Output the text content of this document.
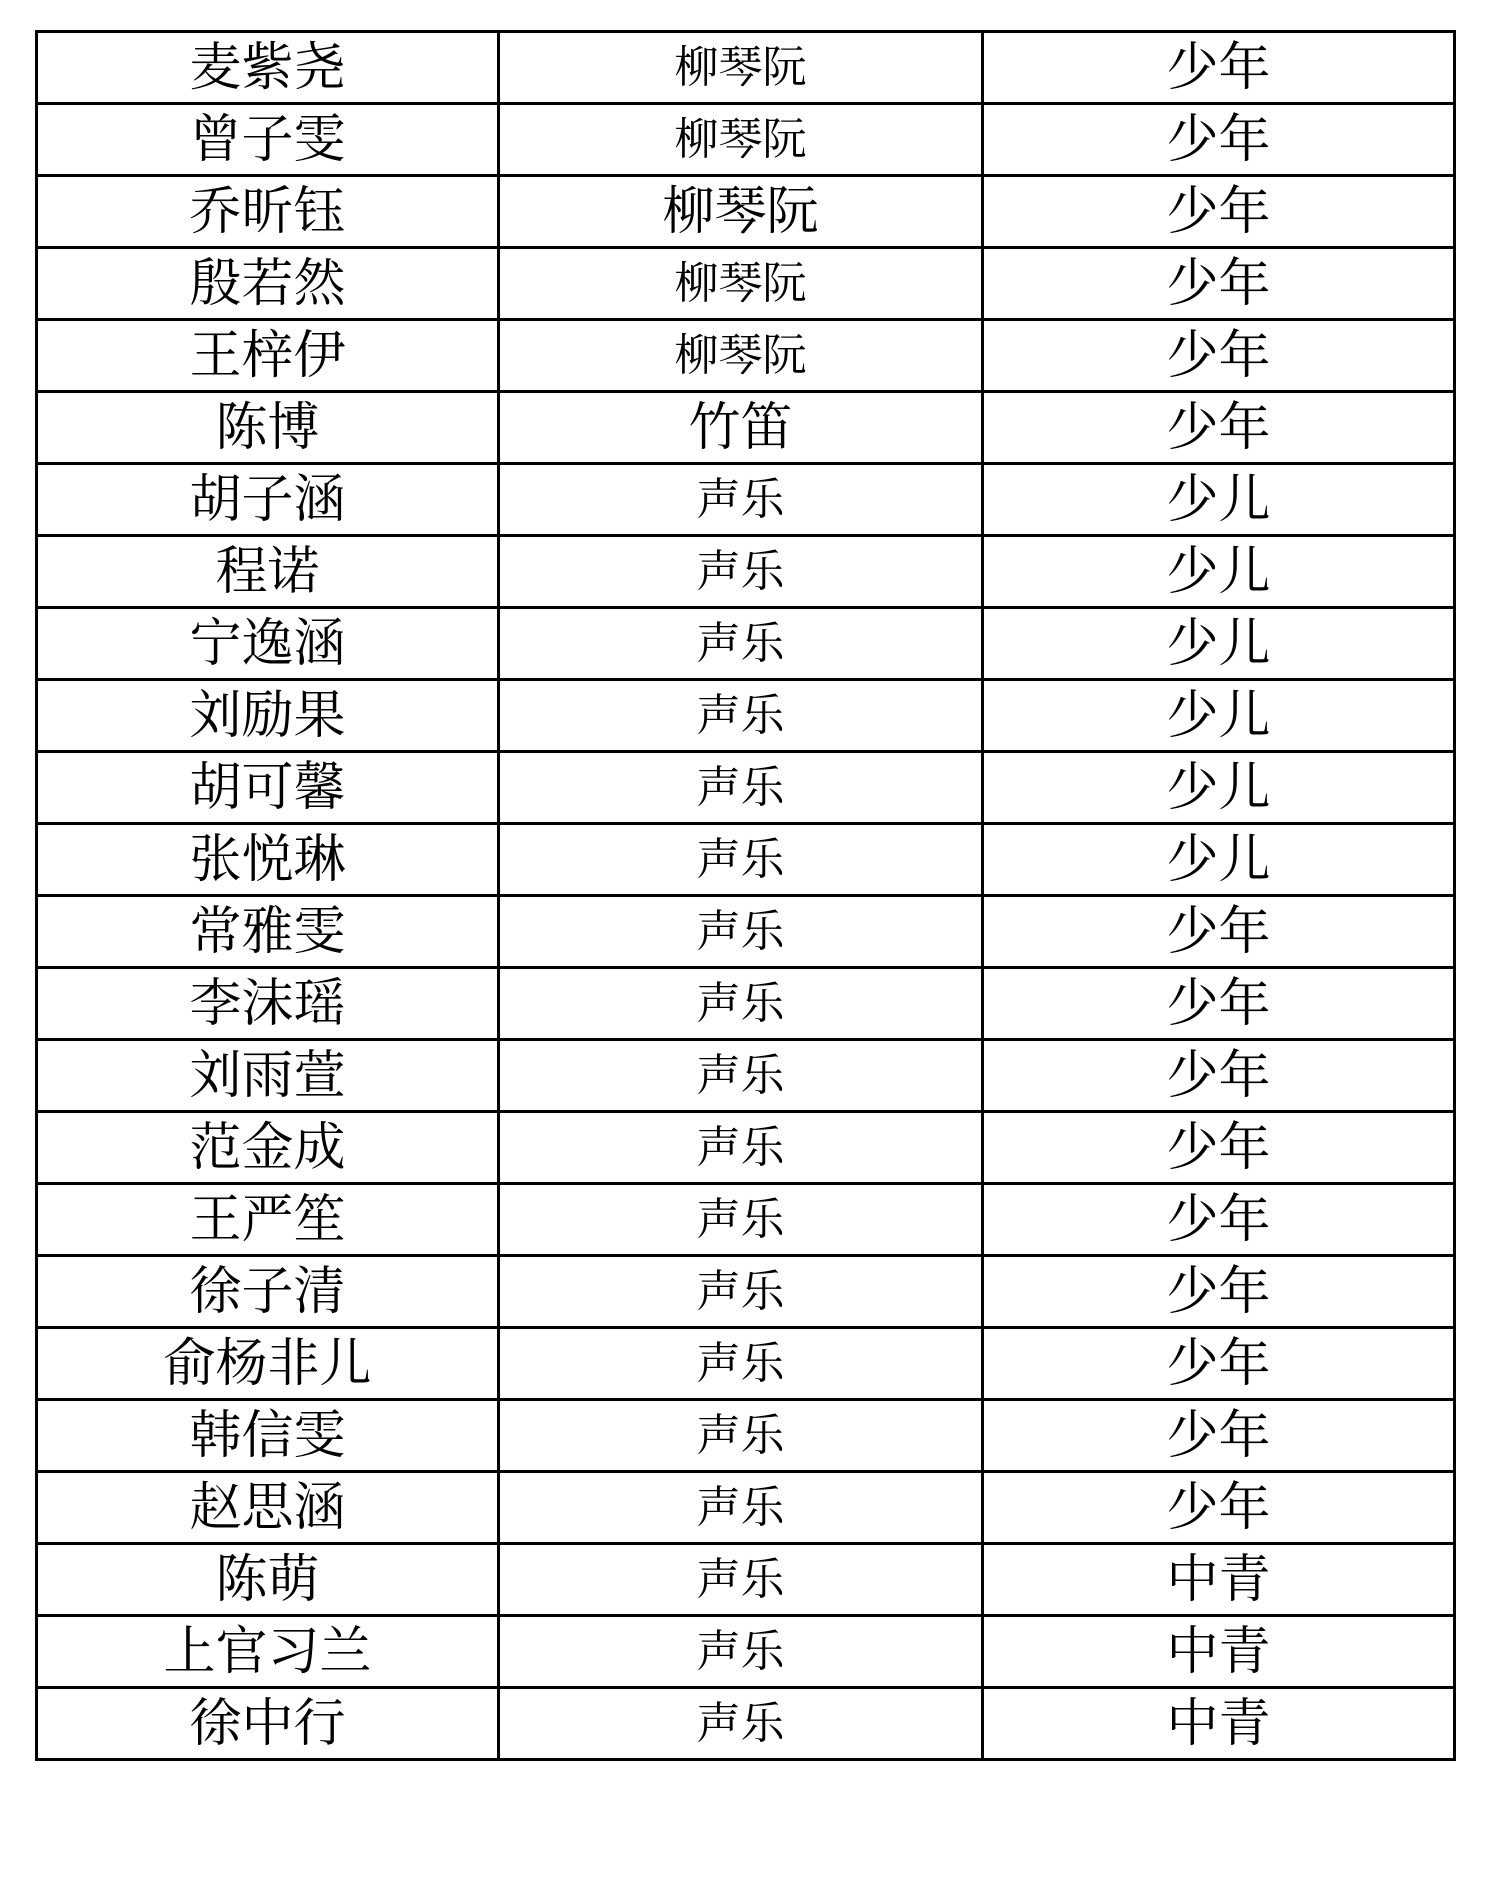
麦紫尧	柳琴阮	少年
曾子雯	柳琴阮	少年
乔昕钰	柳琴阮	少年
殷若然	柳琴阮	少年
王梓伊	柳琴阮	少年
陈博	竹笛	少年
胡子涵	声乐	少儿
程诺	声乐	少儿
宁逸涵	声乐	少儿
刘励果	声乐	少儿
胡可馨	声乐	少儿
张悦琳	声乐	少儿
常雅雯	声乐	少年
李沫瑶	声乐	少年
刘雨萱	声乐	少年
范金成	声乐	少年
王严笙	声乐	少年
徐子清	声乐	少年
俞杨非儿	声乐	少年
韩信雯	声乐	少年
赵思涵	声乐	少年
陈萌	声乐	中青
上官习兰	声乐	中青
徐中行	声乐	中青
